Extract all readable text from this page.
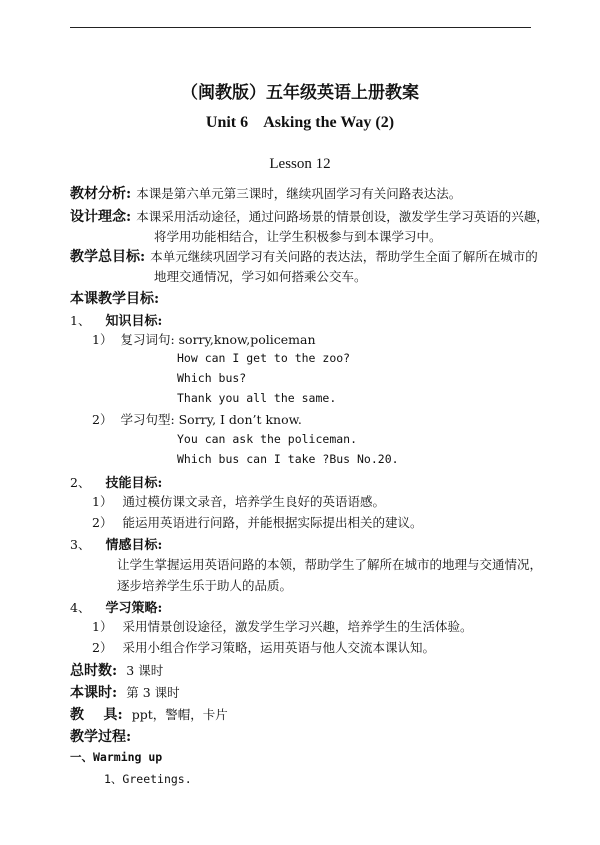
（闽教版）五年级英语上册教案
Unit 6    Asking the Way (2)
Lesson 12
教材分析: 本课是第六单元第三课时，继续巩固学习有关问路表达法。
设计理念: 本课采用活动途径，通过问路场景的情景创设，激发学生学习英语的兴趣，
将学用功能相结合，让学生积极参与到本课学习中。
教学总目标: 本单元继续巩固学习有关问路的表达法，帮助学生全面了解所在城市的
地理交通情况，学习如何搭乘公交车。
本课教学目标:
1、 知识目标:
1） 复习词句: sorry,know,policeman
How can I get to the zoo?
Which bus?
Thank you all the same.
2） 学习句型: Sorry, I don’t know.
You can ask the policeman.
Which bus can I take ?Bus No.20.
2、 技能目标:
1） 通过模仿课文录音，培养学生良好的英语语感。
2） 能运用英语进行问路，并能根据实际提出相关的建议。
3、 情感目标:
让学生掌握运用英语问路的本领，帮助学生了解所在城市的地理与交通情况，
逐步培养学生乐于助人的品质。
4、 学习策略:
1） 采用情景创设途径，激发学生学习兴趣，培养学生的生活体验。
2） 采用小组合作学习策略，运用英语与他人交流本课认知。
总时数: 3 课时
本课时: 第 3 课时
教    具: ppt，警帽，卡片
教学过程:
一、Warming up
1、Greetings.
